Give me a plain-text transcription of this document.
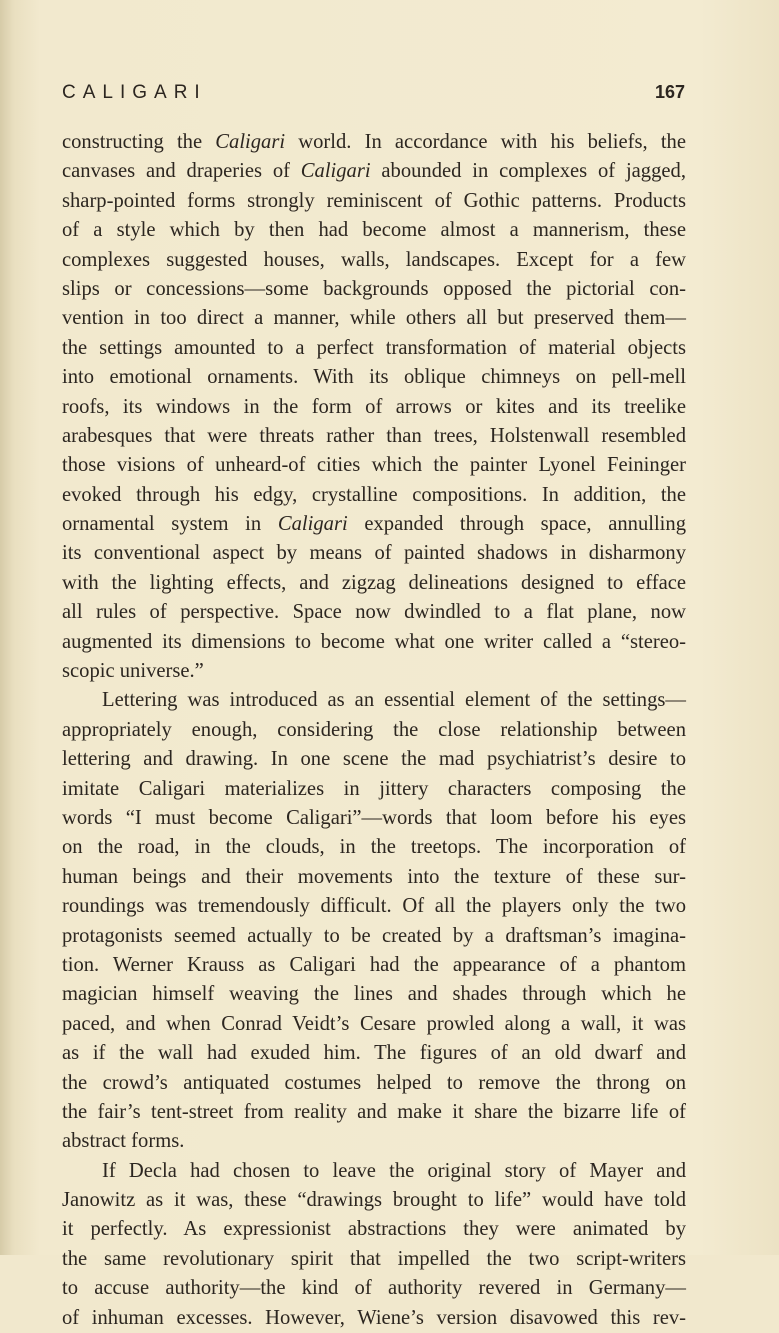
CALIGARI	167
constructing the Caligari world. In accordance with his beliefs, the
canvases and draperies of Caligari abounded in complexes of jagged,
sharp-pointed forms strongly reminiscent of Gothic patterns. Products
of a style which by then had become almost a mannerism, these
complexes suggested houses, walls, landscapes. Except for a few
slips or concessions—some backgrounds opposed the pictorial con-
vention in too direct a manner, while others all but preserved them—
the settings amounted to a perfect transformation of material objects
into emotional ornaments. With its oblique chimneys on pell-mell
roofs, its windows in the form of arrows or kites and its treelike
arabesques that were threats rather than trees, Holstenwall resembled
those visions of unheard-of cities which the painter Lyonel Feininger
evoked through his edgy, crystalline compositions. In addition, the
ornamental system in Caligari expanded through space, annulling
its conventional aspect by means of painted shadows in disharmony
with the lighting effects, and zigzag delineations designed to efface
all rules of perspective. Space now dwindled to a flat plane, now
augmented its dimensions to become what one writer called a “stereo-
scopic universe.”
Lettering was introduced as an essential element of the settings—
appropriately enough, considering the close relationship between
lettering and drawing. In one scene the mad psychiatrist’s desire to
imitate Caligari materializes in jittery characters composing the
words “I must become Caligari”—words that loom before his eyes
on the road, in the clouds, in the treetops. The incorporation of
human beings and their movements into the texture of these sur-
roundings was tremendously difficult. Of all the players only the two
protagonists seemed actually to be created by a draftsman’s imagina-
tion. Werner Krauss as Caligari had the appearance of a phantom
magician himself weaving the lines and shades through which he
paced, and when Conrad Veidt’s Cesare prowled along a wall, it was
as if the wall had exuded him. The figures of an old dwarf and
the crowd’s antiquated costumes helped to remove the throng on
the fair’s tent-street from reality and make it share the bizarre life of
abstract forms.
If Decla had chosen to leave the original story of Mayer and
Janowitz as it was, these “drawings brought to life” would have told
it perfectly. As expressionist abstractions they were animated by
the same revolutionary spirit that impelled the two script-writers
to accuse authority—the kind of authority revered in Germany—
of inhuman excesses. However, Wiene’s version disavowed this rev-
